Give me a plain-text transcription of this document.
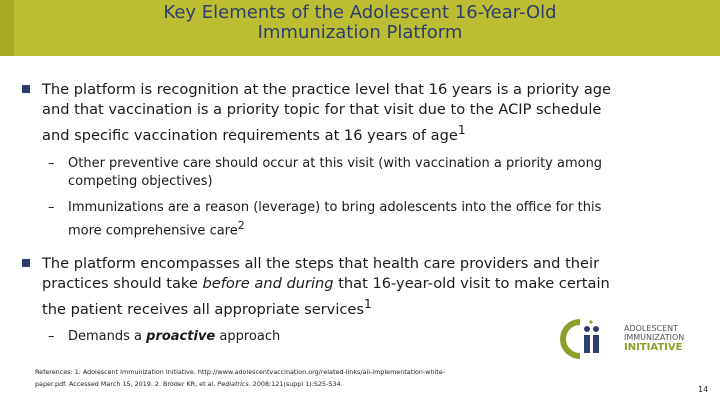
Key Elements of the Adolescent 16-Year-Old
Immunization Platform
The platform is recognition at the practice level that 16 years is a priority age
and that vaccination is a priority topic for that visit due to the ACIP schedule
and specific vaccination requirements at 16 years of age$^1$
– Other preventive care should occur at this visit (with vaccination a priority among
competing objectives)
– Immunizations are a reason (leverage) to bring adolescents into the office for this
more comprehensive care$^2$
The platform encompasses all the steps that health care providers and their
practices should take before and during that 16-year-old visit to make certain
the patient receives all appropriate services$^1$
– Demands a proactive approach
ADOLESCENT
IMMUNIZATION
INITIATIVE
References: 1. Adolescent Immunization Initiative. http://www.adolescentvaccination.org/related-links/aii-implementation-white-
paper.pdf. Accessed March 15, 2019. 2. Broder KR, et al. Pediatrics. 2008;121(suppl 1):S25-S34.
14
